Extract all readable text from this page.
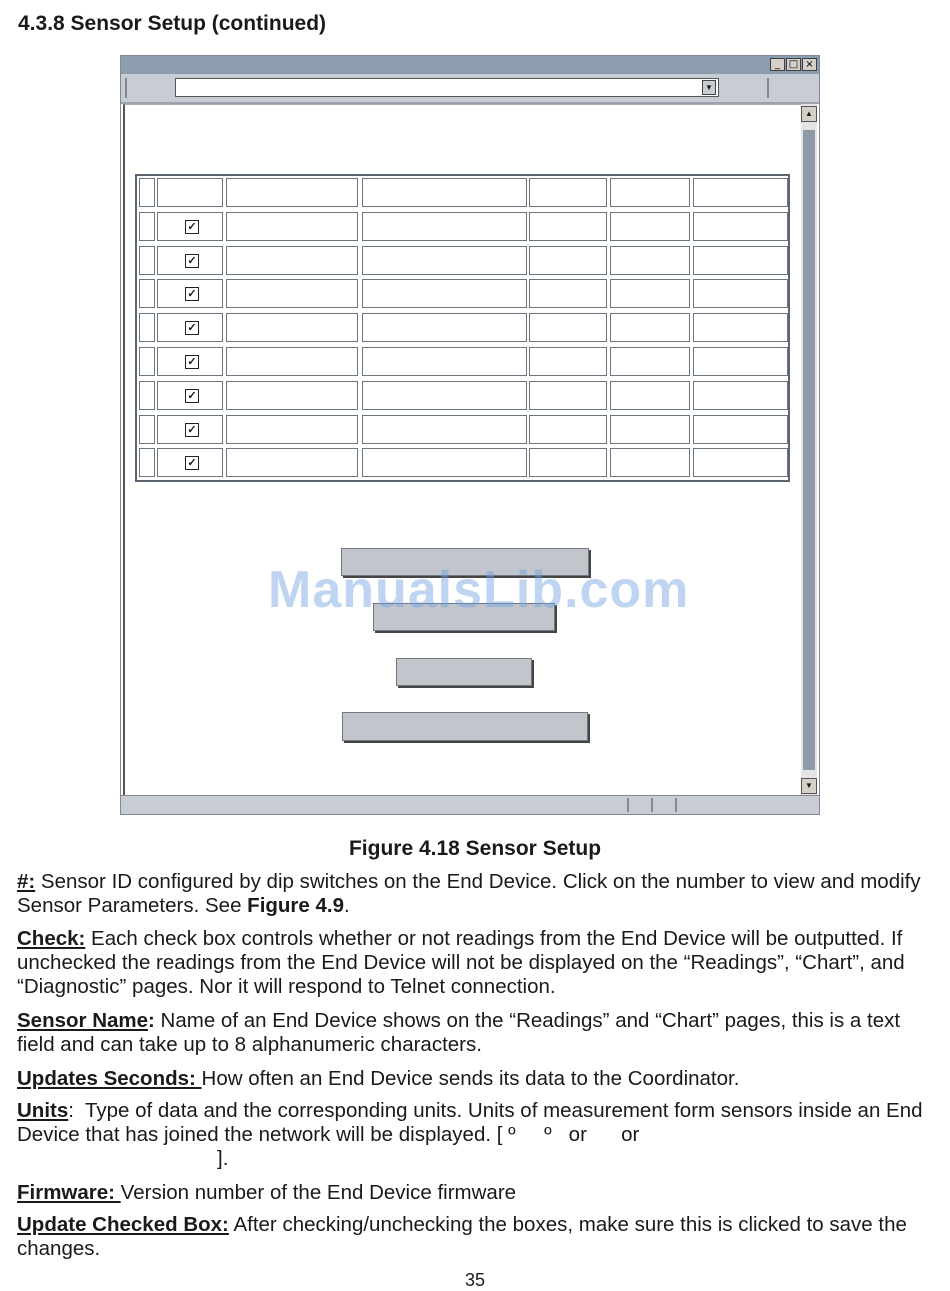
4.3.8 Sensor Setup (continued)
_ □ ×
▼
▲
▼
✓
✓
✓
✓
✓
✓
✓
✓
ManualsLib.com
Figure 4.18 Sensor Setup
#: Sensor ID configured by dip switches on the End Device. Click on the number to view and modify Sensor Parameters. See Figure 4.9.
Check: Each check box controls whether or not readings from the End Device will be outputted. If unchecked the readings from the End Device will not be displayed on the “Readings”, “Chart”, and “Diagnostic” pages. Nor it will respond to Telnet connection.
Sensor Name: Name of an End Device shows on the “Readings” and “Chart” pages, this is a text field and can take up to 8 alphanumeric characters.
Updates Seconds: How often an End Device sends its data to the Coordinator.
Units:  Type of data and the corresponding units. Units of measurement form sensors inside an End Device that has joined the network will be displayed. [ º     º   or      or
].
Firmware: Version number of the End Device firmware
Update Checked Box: After checking/unchecking the boxes, make sure this is clicked to save the changes.
35
